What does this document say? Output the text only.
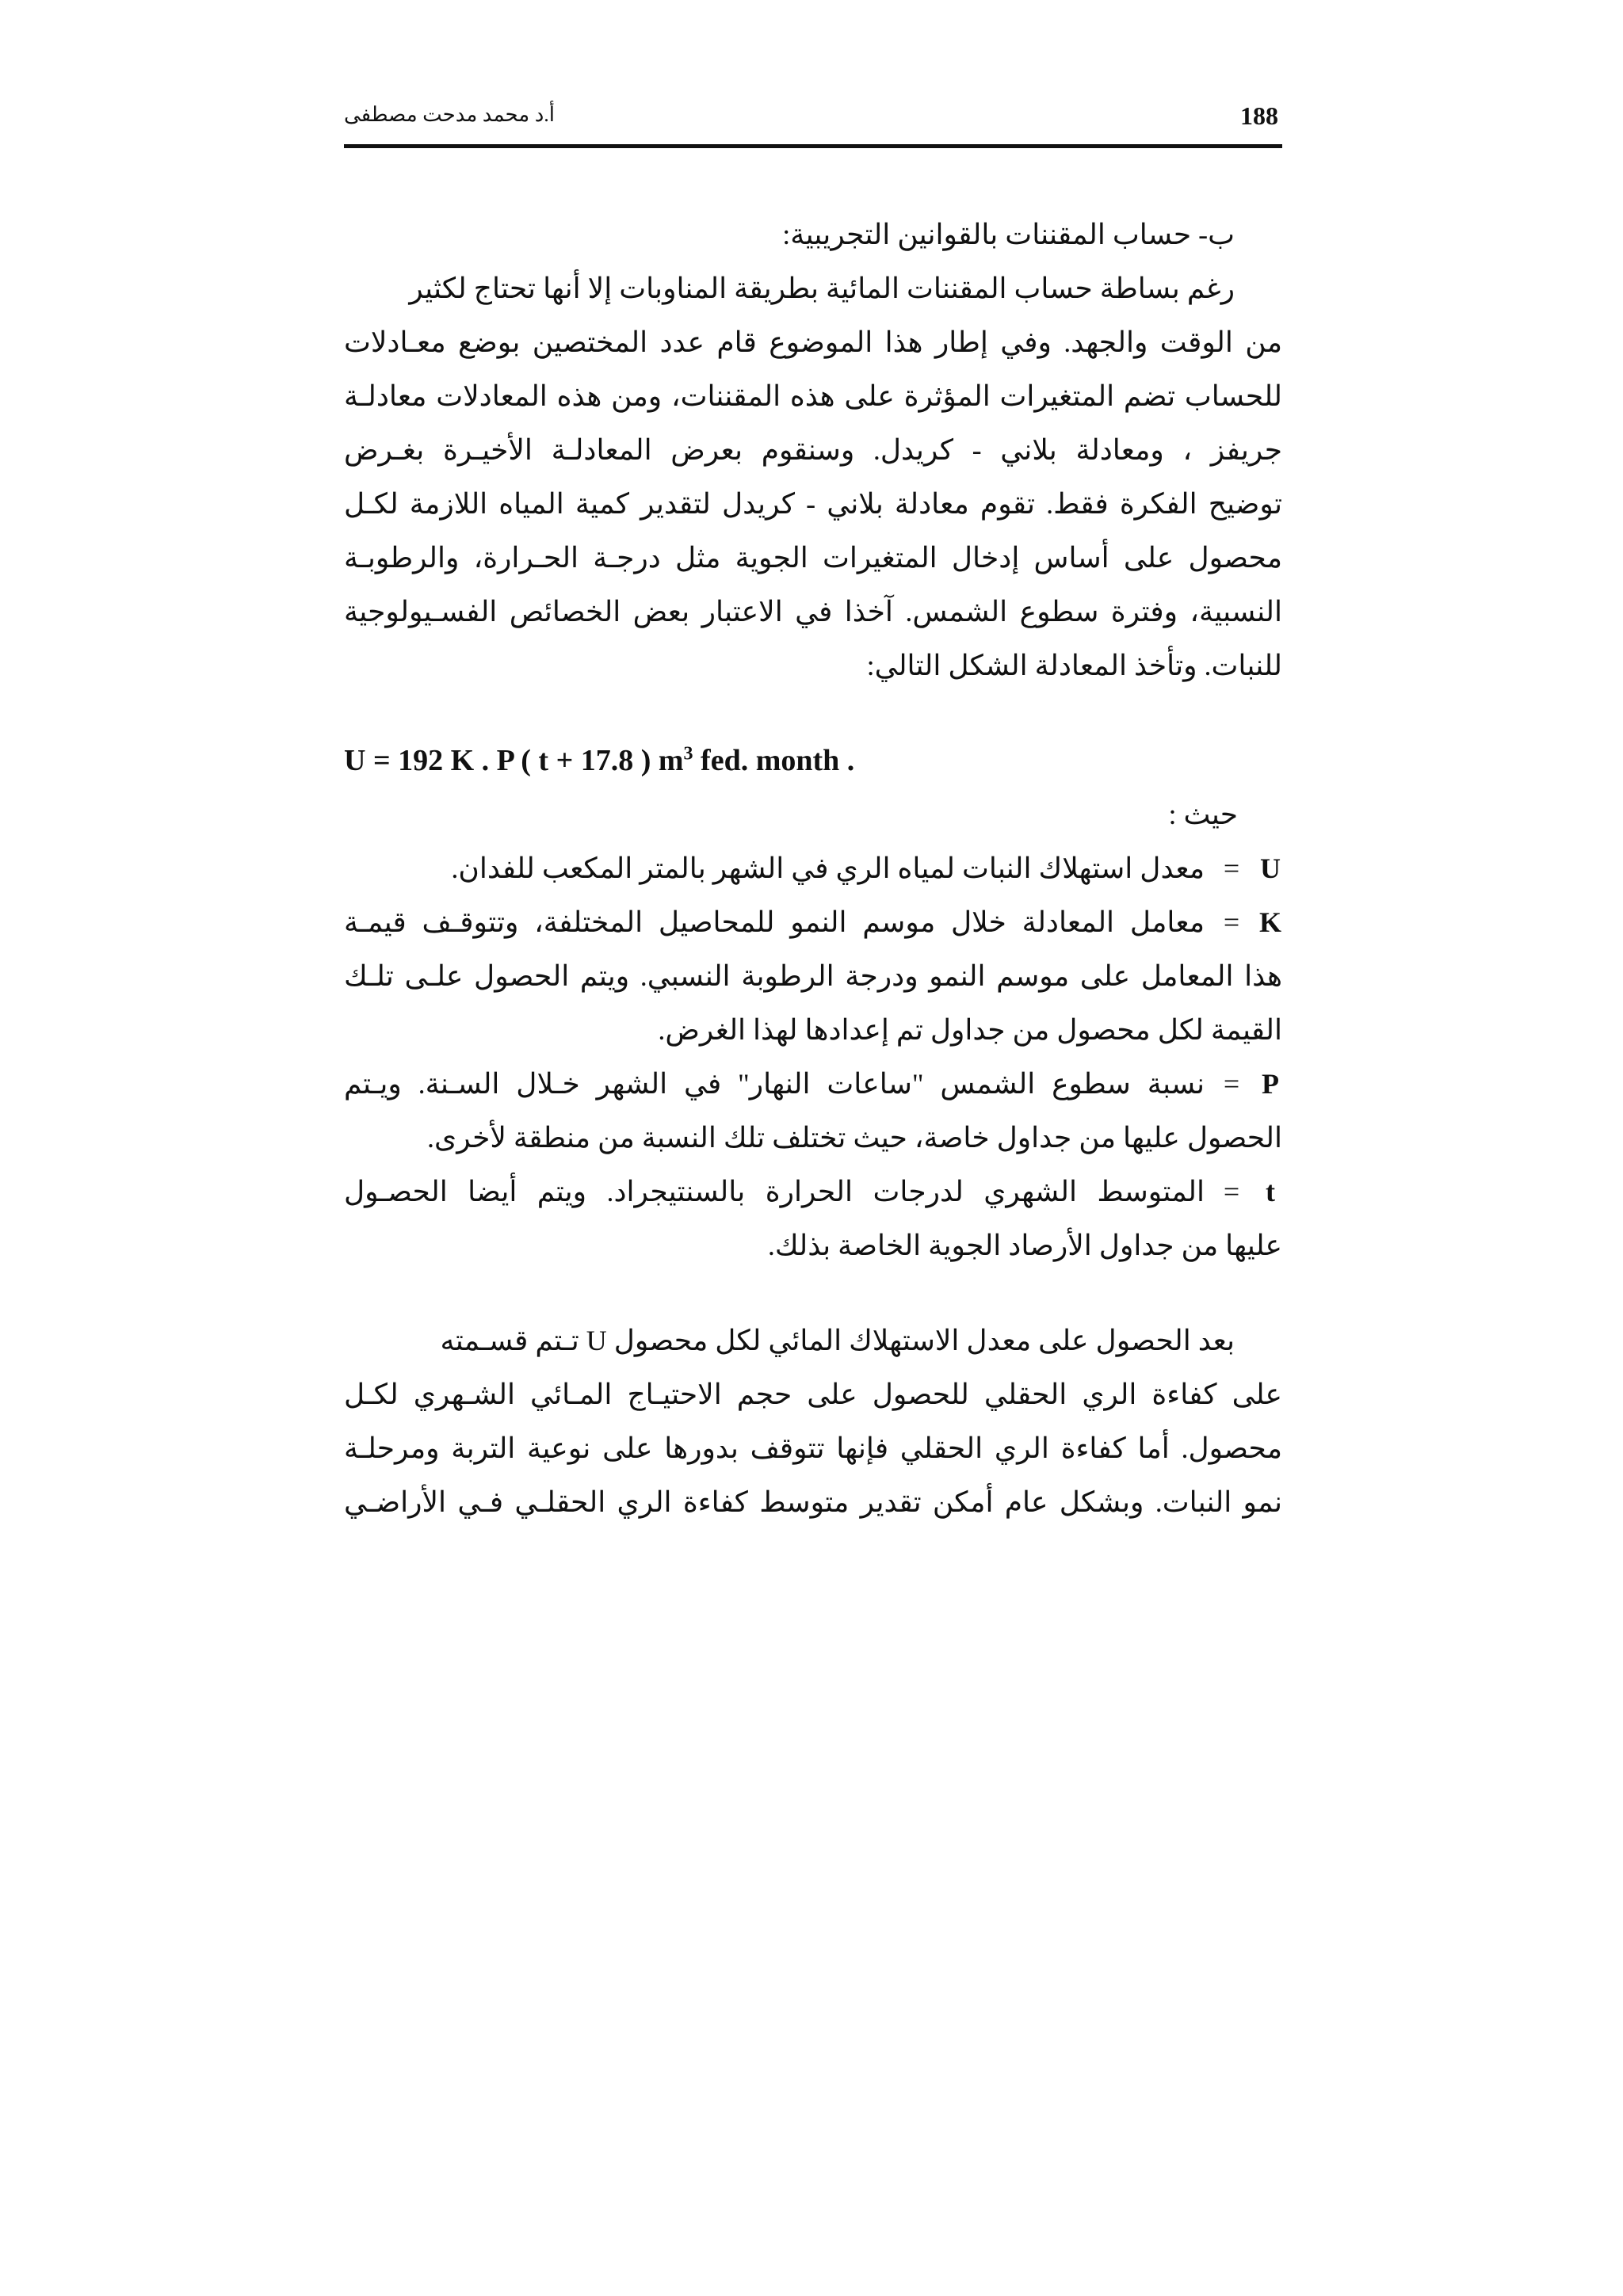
188
أ.د محمد مدحت مصطفى
ب- حساب المقننات بالقوانين التجريبية:
رغم بساطة حساب المقننات المائية بطريقة المناوبات إلا أنها تحتاج لكثير
من الوقت والجهد. وفي إطار هذا الموضوع قام عدد المختصين بوضع معـادلات
للحساب تضم المتغيرات المؤثرة على هذه المقننات، ومن هذه المعادلات معادلـة
جريفز ، ومعادلة بلاني - كريدل. وسنقوم بعرض المعادلـة الأخيـرة بغـرض
توضيح الفكرة فقط. تقوم معادلة بلاني - كريدل لتقدير كمية المياه اللازمة لكـل
محصول على أساس إدخال المتغيرات الجوية مثل درجـة الحـرارة، والرطوبـة
النسبية، وفترة سطوع الشمس. آخذا في الاعتبار بعض الخصائص الفسـيولوجية
للنبات. وتأخذ المعادلة الشكل التالي:
U = 192 K . P ( t + 17.8 ) $m^3$ fed. month .
حيث :
U
=
معدل استهلاك النبات لمياه الري في الشهر بالمتر المكعب للفدان.
K
=
معامل المعادلة خلال موسم النمو للمحاصيل المختلفة، وتتوقـف قيمـة
هذا المعامل على موسم النمو ودرجة الرطوبة النسبي. ويتم الحصول علـى تلـك
القيمة لكل محصول من جداول تم إعدادها لهذا الغرض.
P
=
نسبة سطوع الشمس "ساعات النهار" في الشهر خـلال السـنة. ويـتم
الحصول عليها من جداول خاصة، حيث تختلف تلك النسبة من منطقة لأخرى.
t
=
المتوسط الشهري لدرجات الحرارة بالسنتيجراد. ويتم أيضا الحصـول
عليها من جداول الأرصاد الجوية الخاصة بذلك.
بعد الحصول على معدل الاستهلاك المائي لكل محصول U تـتم قسـمته
على كفاءة الري الحقلي للحصول على حجم الاحتيـاج المـائي الشـهري لكـل
محصول. أما كفاءة الري الحقلي فإنها تتوقف بدورها على نوعية التربة ومرحلـة
نمو النبات. وبشكل عام أمكن تقدير متوسط كفاءة الري الحقلـي فـي الأراضـي
